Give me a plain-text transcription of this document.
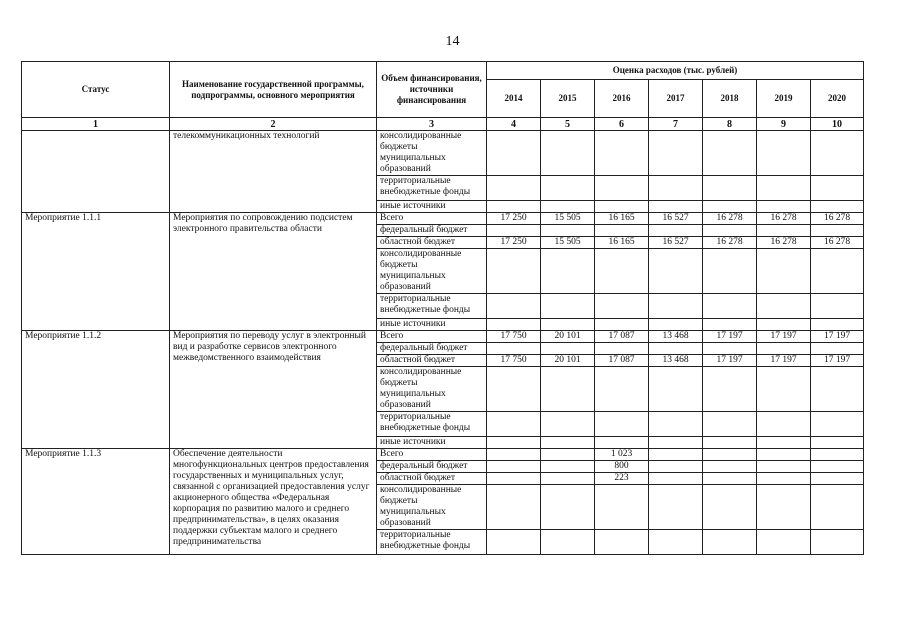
14
Статус	Наименование государственной программы, подпрограммы, основного мероприятия	Объем финансирования, источники финансирования	Оценка расходов (тыс. рублей)						
			2014	2015	2016	2017	2018	2019	2020
1	2	3	4	5	6	7	8	9	10
	телекоммуникационных технологий	консолидированные бюджеты муниципальных образований							
		территориальные внебюджетные фонды							
		иные источники							
Мероприятие 1.1.1	Мероприятия по сопровождению подсистем электронного правительства области	Всего	17 250	15 505	16 165	16 527	16 278	16 278	16 278
		федеральный бюджет							
		областной бюджет	17 250	15 505	16 165	16 527	16 278	16 278	16 278
		консолидированные бюджеты муниципальных образований							
		территориальные внебюджетные фонды							
		иные источники							
Мероприятие 1.1.2	Мероприятия по переводу услуг в электронный вид и разработке сервисов электронного межведомственного взаимодействия	Всего	17 750	20 101	17 087	13 468	17 197	17 197	17 197
		федеральный бюджет							
		областной бюджет	17 750	20 101	17 087	13 468	17 197	17 197	17 197
		консолидированные бюджеты муниципальных образований							
		территориальные внебюджетные фонды							
		иные источники							
Мероприятие 1.1.3	Обеспечение деятельности многофункциональных центров предоставления государственных и муниципальных услуг, связанной с организацией предоставления услуг акционерного общества «Федеральная корпорация по развитию малого и среднего предпринимательства», в целях оказания поддержки субъектам малого и среднего предпринимательства	Всего			1 023				
		федеральный бюджет			800				
		областной бюджет			223				
		консолидированные бюджеты муниципальных образований							
		территориальные внебюджетные фонды							
